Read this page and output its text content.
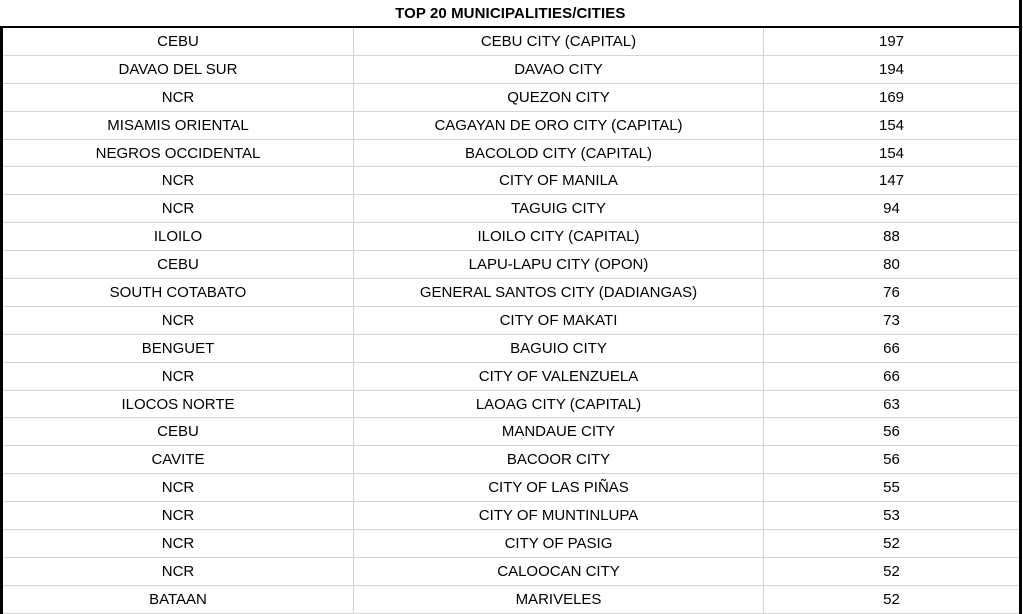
TOP 20 MUNICIPALITIES/CITIES		
CEBU	CEBU CITY (CAPITAL)	197
DAVAO DEL SUR	DAVAO CITY	194
NCR	QUEZON CITY	169
MISAMIS ORIENTAL	CAGAYAN DE ORO CITY (CAPITAL)	154
NEGROS OCCIDENTAL	BACOLOD CITY (CAPITAL)	154
NCR	CITY OF MANILA	147
NCR	TAGUIG CITY	94
ILOILO	ILOILO CITY (CAPITAL)	88
CEBU	LAPU-LAPU CITY (OPON)	80
SOUTH COTABATO	GENERAL SANTOS CITY (DADIANGAS)	76
NCR	CITY OF MAKATI	73
BENGUET	BAGUIO CITY	66
NCR	CITY OF VALENZUELA	66
ILOCOS NORTE	LAOAG CITY (CAPITAL)	63
CEBU	MANDAUE CITY	56
CAVITE	BACOOR CITY	56
NCR	CITY OF LAS PIÑAS	55
NCR	CITY OF MUNTINLUPA	53
NCR	CITY OF PASIG	52
NCR	CALOOCAN CITY	52
BATAAN	MARIVELES	52
